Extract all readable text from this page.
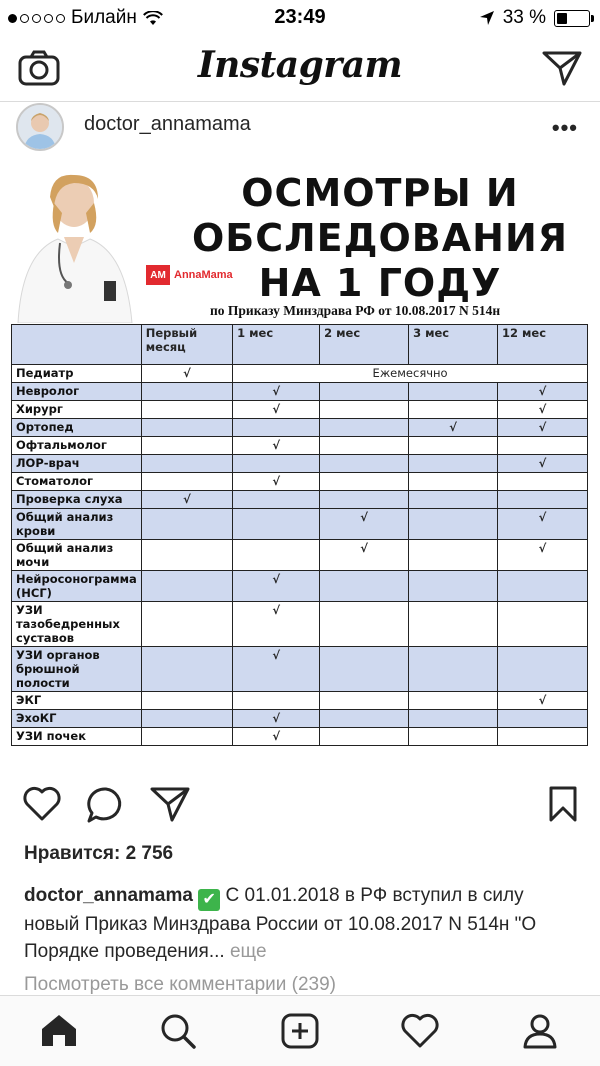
Билайн	23:49	33 %
Instagram
doctor_annamama	•••
AM AnnaMama
ОСМОТРЫ И
ОБСЛЕДОВАНИЯ
НА 1 ГОДУ
по Приказу Минздрава РФ от 10.08.2017 N 514н
	Первый месяц	1 мес	2 мес	3 мес	12 мес
Педиатр	√	Ежемесячно			
Невролог		√			√
Хирург		√			√
Ортопед				√	√
Офтальмолог		√			
ЛОР-врач					√
Стоматолог		√			
Проверка слуха	√				
Общий анализ крови			√		√
Общий анализ мочи			√		√
Нейросонограмма (НСГ)		√			
УЗИ тазобедренных суставов		√			
УЗИ органов брюшной полости		√			
ЭКГ					√
ЭхоКГ		√			
УЗИ почек		√			
Нравится: 2 756
doctor_annamama ✔ С 01.01.2018 в РФ вступил в силу новый Приказ Минздрава России от 10.08.2017 N 514н "О Порядке проведения... еще
Посмотреть все комментарии (239)
